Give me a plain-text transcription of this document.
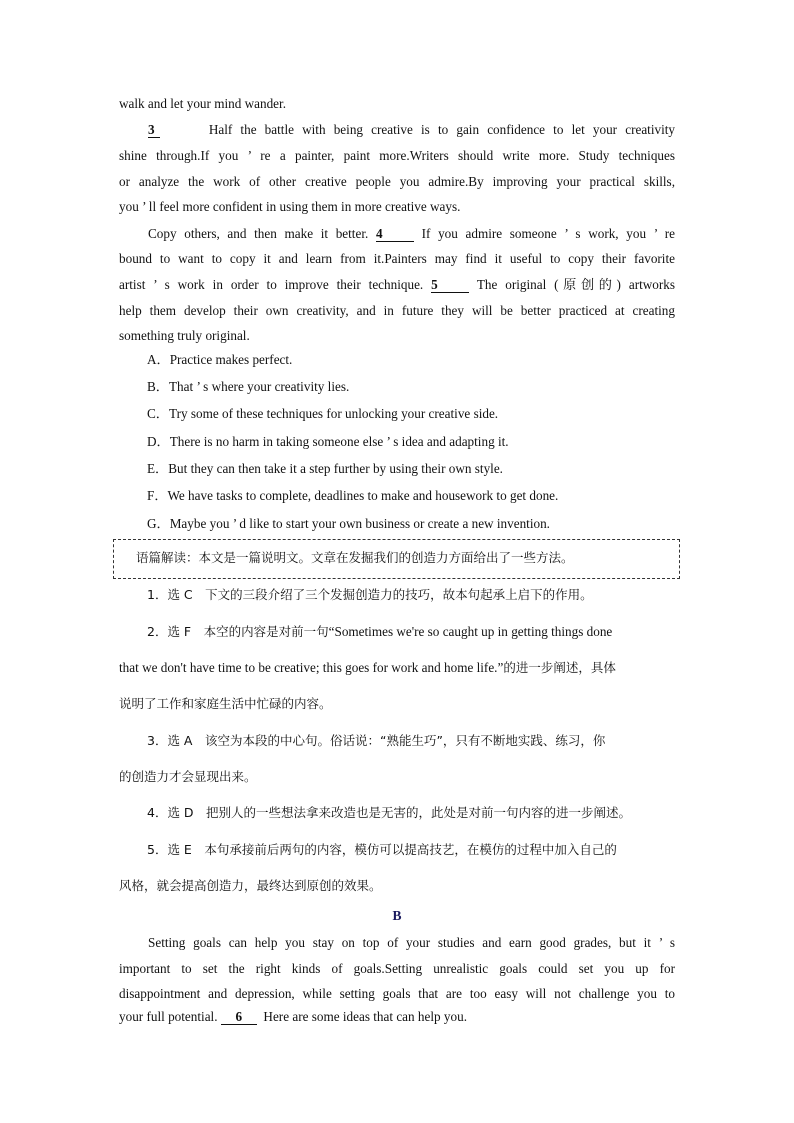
walk and let your mind wander.
3	Half the battle with being creative is to gain confidence to let your creativity
shine through.If you ’ re a painter, paint more.Writers should write more. Study techniques
or analyze the work of other creative people you admire.By improving your practical skills,
you ’ ll feel more confident in using them in more creative ways.
Copy others, and then make it better. 4	If you admire someone ’ s work, you ’ re
bound to want to copy it and learn from it.Painters may find it useful to copy their favorite
artist ’ s work in order to improve their technique. 5	The original (原创的) artworks
help them develop their own creativity, and in future they will be better practiced at creating
something truly original.
A．Practice makes perfect.
B．That ’ s where your creativity lies.
C．Try some of these techniques for unlocking your creative side.
D．There is no harm in taking someone else ’ s idea and adapting it.
E．But they can then take it a step further by using their own style.
F．We have tasks to complete, deadlines to make and housework to get done.
G．Maybe you ’ d like to start your own business or create a new invention.
语篇解读：本文是一篇说明文。文章在发掘我们的创造力方面给出了一些方法。
1．选 C　下文的三段介绍了三个发掘创造力的技巧，故本句起承上启下的作用。
2．选 F　本空的内容是对前一句“Sometimes we're so caught up in getting things done
that we don't have time to be creative; this goes for work and home life.”的进一步阐述，具体
说明了工作和家庭生活中忙碌的内容。
3．选 A　该空为本段的中心句。俗话说：“熟能生巧”，只有不断地实践、练习，你
的创造力才会显现出来。
4．选 D　把别人的一些想法拿来改造也是无害的，此处是对前一句内容的进一步阐述。
5．选 E　本句承接前后两句的内容，模仿可以提高技艺，在模仿的过程中加入自己的
风格，就会提高创造力，最终达到原创的效果。
B
Setting goals can help you stay on top of your studies and earn good grades, but it ’ s
important to set the right kinds of goals.Setting unrealistic goals could set you up for
disappointment and depression, while setting goals that are too easy will not challenge you to
your full potential. 6 Here are some ideas that can help you.
